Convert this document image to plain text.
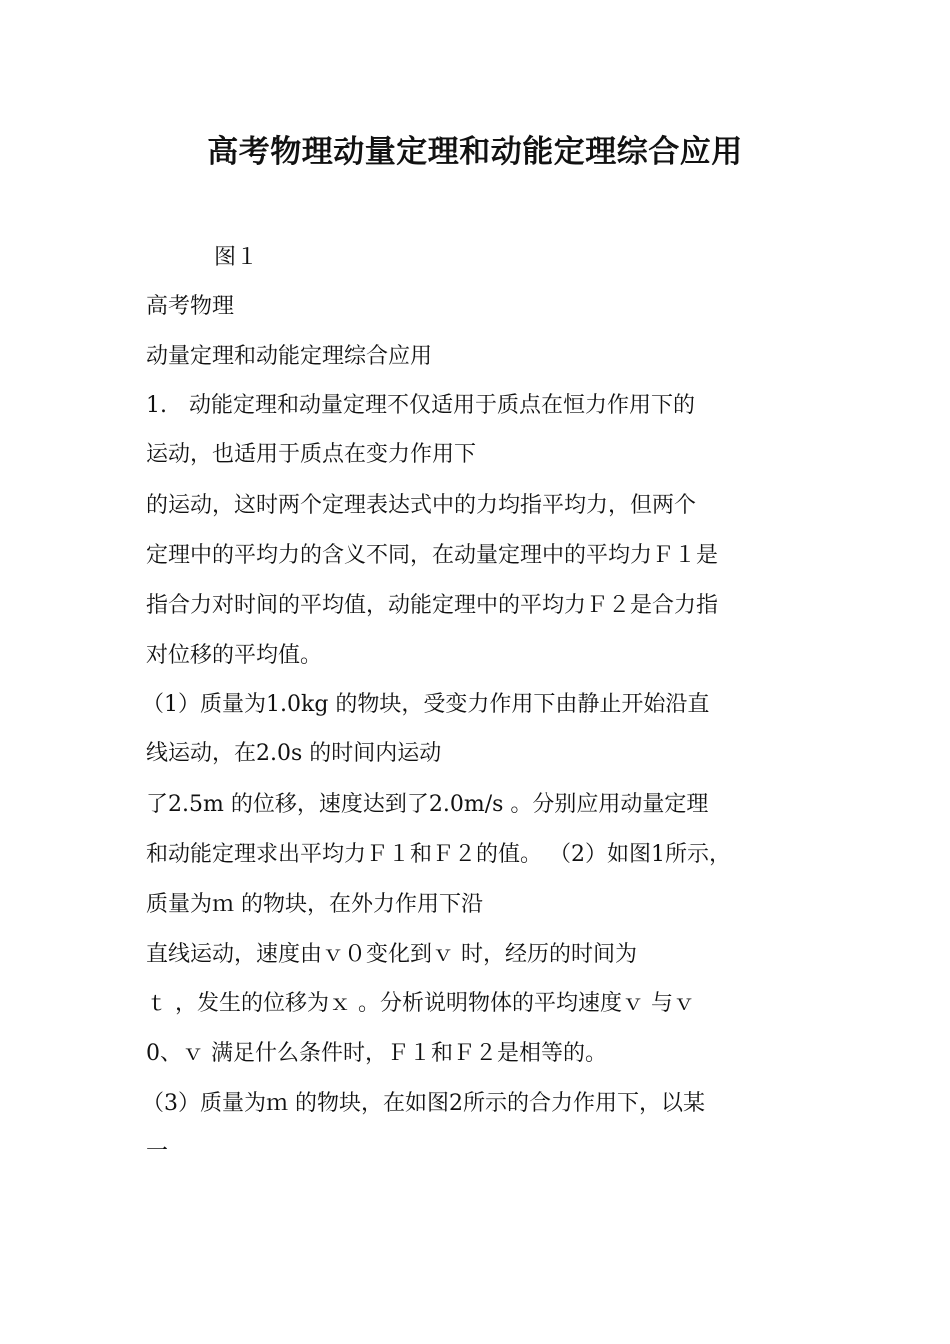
高考物理动量定理和动能定理综合应用
图１
高考物理
动量定理和动能定理综合应用
1.　动能定理和动量定理不仅适用于质点在恒力作用下的
运动，也适用于质点在变力作用下
的运动，这时两个定理表达式中的力均指平均力，但两个
定理中的平均力的含义不同，在动量定理中的平均力Ｆ１是
指合力对时间的平均值，动能定理中的平均力Ｆ２是合力指
对位移的平均值。
（1）质量为1.0kg 的物块，受变力作用下由静止开始沿直
线运动，在2.0s 的时间内运动
了2.5m 的位移，速度达到了2.0m/s 。分别应用动量定理
和动能定理求出平均力Ｆ１和Ｆ２的值。 （2）如图1所示，
质量为ｍ 的物块，在外力作用下沿
直线运动，速度由ｖ０变化到ｖ 时，经历的时间为
ｔ ，发生的位移为ｘ 。分析说明物体的平均速度ｖ 与ｖ
0、ｖ 满足什么条件时，Ｆ１和Ｆ２是相等的。
（3）质量为ｍ 的物块，在如图2所示的合力作用下，以某
一
